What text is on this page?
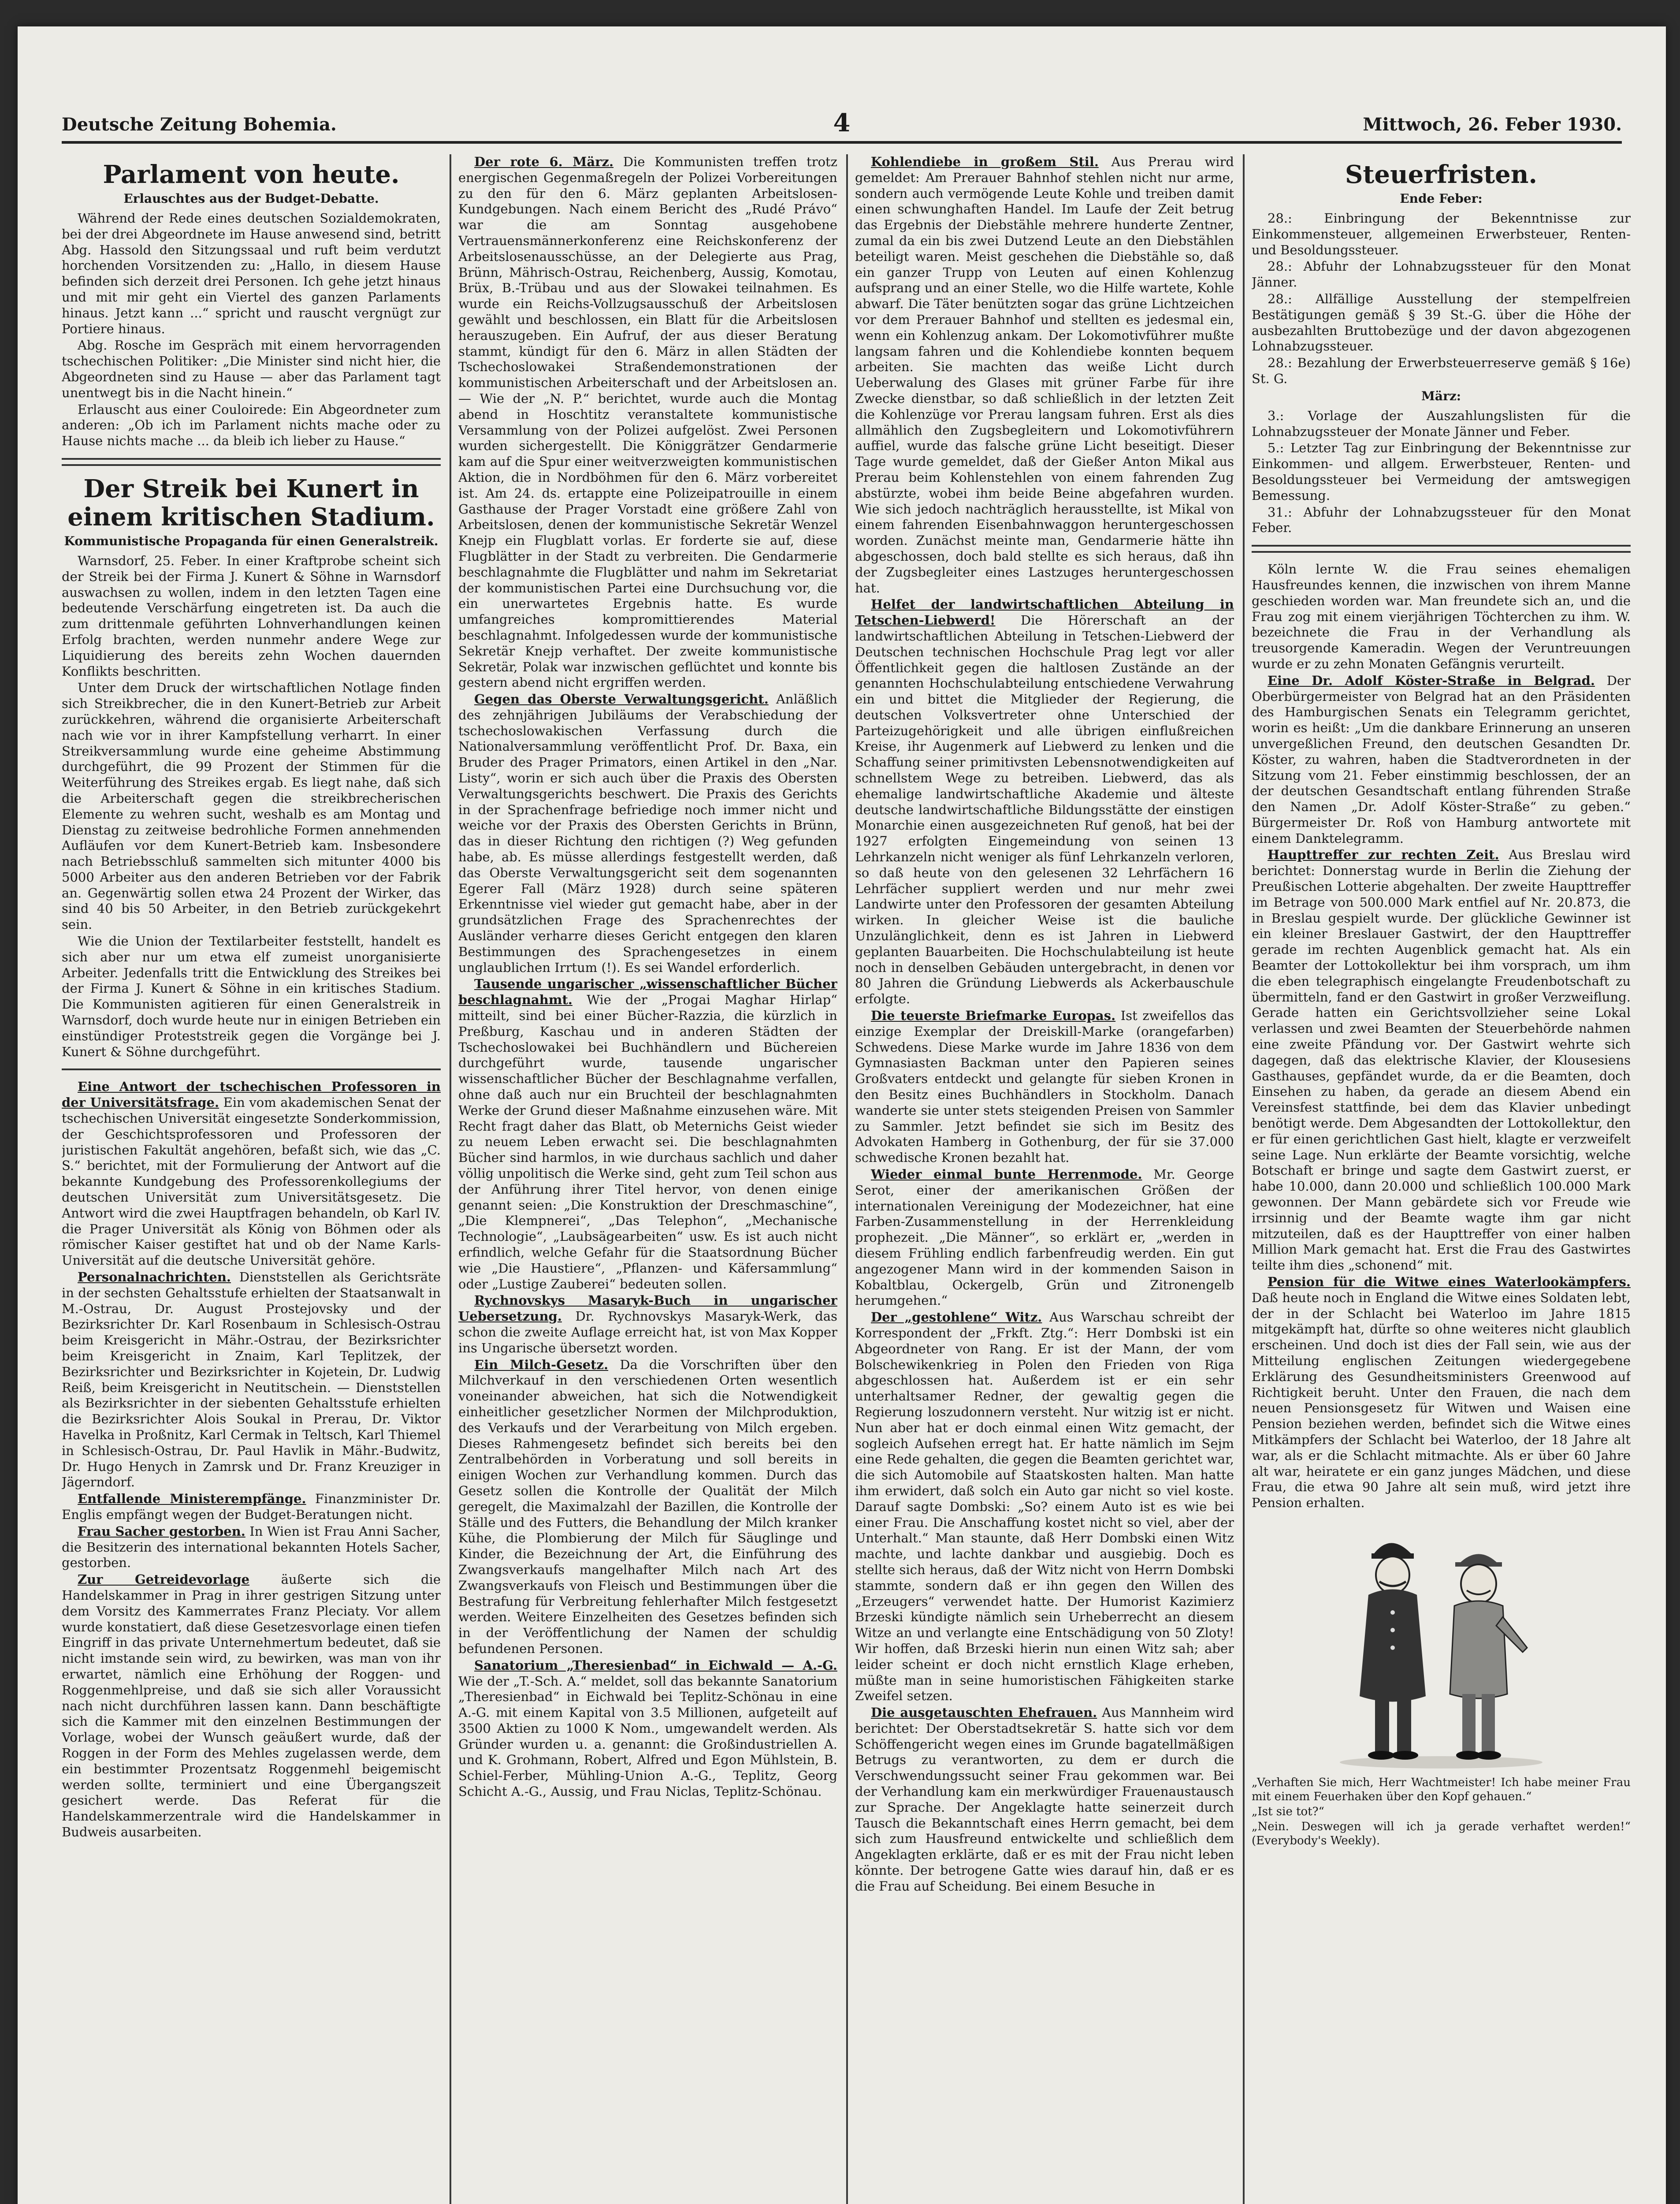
Deutsche Zeitung Bohemia.	4	Mittwoch, 26. Feber 1930.
Parlament von heute.
Erlauschtes aus der Budget-Debatte.

Während der Rede eines deutschen Sozialdemokraten, bei der drei Abgeordnete im Hause anwesend sind, betritt Abg. Hassold den Sitzungssaal und ruft beim verdutzt horchenden Vorsitzenden zu: „Hallo, in diesem Hause befinden sich derzeit drei Personen. Ich gehe jetzt hinaus und mit mir geht ein Viertel des ganzen Parlaments hinaus. Jetzt kann ...“ spricht und rauscht vergnügt zur Portiere hinaus.

Abg. Rosche im Gespräch mit einem hervorragenden tschechischen Politiker: „Die Minister sind nicht hier, die Abgeordneten sind zu Hause — aber das Parlament tagt unentwegt bis in die Nacht hinein.“

Erlauscht aus einer Couloirede: Ein Abgeordneter zum anderen: „Ob ich im Parlament nichts mache oder zu Hause nichts mache ... da bleib ich lieber zu Hause.“

Der Streik bei Kunert in einem kritischen Stadium.
Kommunistische Propaganda für einen Generalstreik.

Warnsdorf, 25. Feber. In einer Kraftprobe scheint sich der Streik bei der Firma J. Kunert & Söhne in Warnsdorf auswachsen zu wollen, indem in den letzten Tagen eine bedeutende Verschärfung eingetreten ist. Da auch die zum drittenmale geführten Lohnverhandlungen keinen Erfolg brachten, werden nunmehr andere Wege zur Liquidierung des bereits zehn Wochen dauernden Konflikts beschritten.

Unter dem Druck der wirtschaftlichen Notlage finden sich Streikbrecher, die in den Kunert-Betrieb zur Arbeit zurückkehren, während die organisierte Arbeiterschaft nach wie vor in ihrer Kampfstellung verharrt. In einer Streikversammlung wurde eine geheime Abstimmung durchgeführt, die 99 Prozent der Stimmen für die Weiterführung des Streikes ergab. Es liegt nahe, daß sich die Arbeiterschaft gegen die streikbrecherischen Elemente zu wehren sucht, weshalb es am Montag und Dienstag zu zeitweise bedrohliche Formen annehmenden Aufläufen vor dem Kunert-Betrieb kam. Insbesondere nach Betriebsschluß sammelten sich mitunter 4000 bis 5000 Arbeiter aus den anderen Betrieben vor der Fabrik an. Gegenwärtig sollen etwa 24 Prozent der Wirker, das sind 40 bis 50 Arbeiter, in den Betrieb zurückgekehrt sein.

Wie die Union der Textilarbeiter feststellt, handelt es sich aber nur um etwa elf zumeist unorganisierte Arbeiter. Jedenfalls tritt die Entwicklung des Streikes bei der Firma J. Kunert & Söhne in ein kritisches Stadium. Die Kommunisten agitieren für einen Generalstreik in Warnsdorf, doch wurde heute nur in einigen Betrieben ein einstündiger Proteststreik gegen die Vorgänge bei J. Kunert & Söhne durchgeführt.

Eine Antwort der tschechischen Professoren in der Universitätsfrage. Ein vom akademischen Senat der tschechischen Universität eingesetzte Sonderkommission, der Geschichtsprofessoren und Professoren der juristischen Fakultät angehören, befaßt sich, wie das „C. S.“ berichtet, mit der Formulierung der Antwort auf die bekannte Kundgebung des Professorenkollegiums der deutschen Universität zum Universitätsgesetz. Die Antwort wird die zwei Hauptfragen behandeln, ob Karl IV. die Prager Universität als König von Böhmen oder als römischer Kaiser gestiftet hat und ob der Name Karls-Universität auf die deutsche Universität gehöre.

Personalnachrichten. Dienststellen als Gerichtsräte in der sechsten Gehaltsstufe erhielten der Staatsanwalt in M.-Ostrau, Dr. August Prostejovsky und der Bezirksrichter Dr. Karl Rosenbaum in Schlesisch-Ostrau beim Kreisgericht in Mähr.-Ostrau, der Bezirksrichter beim Kreisgericht in Znaim, Karl Teplitzek, der Bezirksrichter und Bezirksrichter in Kojetein, Dr. Ludwig Reiß, beim Kreisgericht in Neutitschein. — Dienststellen als Bezirksrichter in der siebenten Gehaltsstufe erhielten die Bezirksrichter Alois Soukal in Prerau, Dr. Viktor Havelka in Proßnitz, Karl Cermak in Teltsch, Karl Thiemel in Schlesisch-Ostrau, Dr. Paul Havlik in Mähr.-Budwitz, Dr. Hugo Henych in Zamrsk und Dr. Franz Kreuziger in Jägerndorf.

Entfallende Ministerempfänge. Finanzminister Dr. Englis empfängt wegen der Budget-Beratungen nicht.

Frau Sacher gestorben. In Wien ist Frau Anni Sacher, die Besitzerin des international bekannten Hotels Sacher, gestorben.

Zur Getreidevorlage äußerte sich die Handelskammer in Prag in ihrer gestrigen Sitzung unter dem Vorsitz des Kammerrates Franz Pleciaty. Vor allem wurde konstatiert, daß diese Gesetzesvorlage einen tiefen Eingriff in das private Unternehmertum bedeutet, daß sie nicht imstande sein wird, zu bewirken, was man von ihr erwartet, nämlich eine Erhöhung der Roggen- und Roggenmehlpreise, und daß sie sich aller Voraussicht nach nicht durchführen lassen kann. Dann beschäftigte sich die Kammer mit den einzelnen Bestimmungen der Vorlage, wobei der Wunsch geäußert wurde, daß der Roggen in der Form des Mehles zugelassen werde, dem ein bestimmter Prozentsatz Roggenmehl beigemischt werden sollte, terminiert und eine Übergangszeit gesichert werde. Das Referat für die Handelskammerzentrale wird die Handelskammer in Budweis ausarbeiten.

Der rote 6. März. Die Kommunisten treffen trotz energischen Gegenmaßregeln der Polizei Vorbereitungen zu den für den 6. März geplanten Arbeitslosen-Kundgebungen. Nach einem Bericht des „Rudé Právo“ war die am Sonntag ausgehobene Vertrauensmännerkonferenz eine Reichskonferenz der Arbeitslosenausschüsse, an der Delegierte aus Prag, Brünn, Mährisch-Ostrau, Reichenberg, Aussig, Komotau, Brüx, B.-Trübau und aus der Slowakei teilnahmen. Es wurde ein Reichs-Vollzugsausschuß der Arbeitslosen gewählt und beschlossen, ein Blatt für die Arbeitslosen herauszugeben. Ein Aufruf, der aus dieser Beratung stammt, kündigt für den 6. März in allen Städten der Tschechoslowakei Straßendemonstrationen der kommunistischen Arbeiterschaft und der Arbeitslosen an. — Wie der „N. P.“ berichtet, wurde auch die Montag abend in Hoschtitz veranstaltete kommunistische Versammlung von der Polizei aufgelöst. Zwei Personen wurden sichergestellt. Die Königgrätzer Gendarmerie kam auf die Spur einer weitverzweigten kommunistischen Aktion, die in Nordböhmen für den 6. März vorbereitet ist. Am 24. ds. ertappte eine Polizeipatrouille in einem Gasthause der Prager Vorstadt eine größere Zahl von Arbeitslosen, denen der kommunistische Sekretär Wenzel Knejp ein Flugblatt vorlas. Er forderte sie auf, diese Flugblätter in der Stadt zu verbreiten. Die Gendarmerie beschlagnahmte die Flugblätter und nahm im Sekretariat der kommunistischen Partei eine Durchsuchung vor, die ein unerwartetes Ergebnis hatte. Es wurde umfangreiches kompromittierendes Material beschlagnahmt. Infolgedessen wurde der kommunistische Sekretär Knejp verhaftet. Der zweite kommunistische Sekretär, Polak war inzwischen geflüchtet und konnte bis gestern abend nicht ergriffen werden.

Gegen das Oberste Verwaltungsgericht. Anläßlich des zehnjährigen Jubiläums der Verabschiedung der tschechoslowakischen Verfassung durch die Nationalversammlung veröffentlicht Prof. Dr. Baxa, ein Bruder des Prager Primators, einen Artikel in den „Nar. Listy“, worin er sich auch über die Praxis des Obersten Verwaltungsgerichts beschwert. Die Praxis des Gerichts in der Sprachenfrage befriedige noch immer nicht und weiche vor der Praxis des Obersten Gerichts in Brünn, das in dieser Richtung den richtigen (?) Weg gefunden habe, ab. Es müsse allerdings festgestellt werden, daß das Oberste Verwaltungsgericht seit dem sogenannten Egerer Fall (März 1928) durch seine späteren Erkenntnisse viel wieder gut gemacht habe, aber in der grundsätzlichen Frage des Sprachenrechtes der Ausländer verharre dieses Gericht entgegen den klaren Bestimmungen des Sprachengesetzes in einem unglaublichen Irrtum (!). Es sei Wandel erforderlich.

Tausende ungarischer „wissenschaftlicher Bücher beschlagnahmt. Wie der „Progai Maghar Hirlap“ mitteilt, sind bei einer Bücher-Razzia, die kürzlich in Preßburg, Kaschau und in anderen Städten der Tschechoslowakei bei Buchhändlern und Büchereien durchgeführt wurde, tausende ungarischer wissenschaftlicher Bücher der Beschlagnahme verfallen, ohne daß auch nur ein Bruchteil der beschlagnahmten Werke der Grund dieser Maßnahme einzusehen wäre. Mit Recht fragt daher das Blatt, ob Meternichs Geist wieder zu neuem Leben erwacht sei. Die beschlagnahmten Bücher sind harmlos, in wie durchaus sachlich und daher völlig unpolitisch die Werke sind, geht zum Teil schon aus der Anführung ihrer Titel hervor, von denen einige genannt seien: „Die Konstruktion der Dreschmaschine“, „Die Klempnerei“, „Das Telephon“, „Mechanische Technologie“, „Laubsägearbeiten“ usw. Es ist auch nicht erfindlich, welche Gefahr für die Staatsordnung Bücher wie „Die Haustiere“, „Pflanzen- und Käfersammlung“ oder „Lustige Zauberei“ bedeuten sollen.

Rychnovskys Masaryk-Buch in ungarischer Uebersetzung. Dr. Rychnovskys Masaryk-Werk, das schon die zweite Auflage erreicht hat, ist von Max Kopper ins Ungarische übersetzt worden.

Ein Milch-Gesetz. Da die Vorschriften über den Milchverkauf in den verschiedenen Orten wesentlich voneinander abweichen, hat sich die Notwendigkeit einheitlicher gesetzlicher Normen der Milchproduktion, des Verkaufs und der Verarbeitung von Milch ergeben. Dieses Rahmengesetz befindet sich bereits bei den Zentralbehörden in Vorberatung und soll bereits in einigen Wochen zur Verhandlung kommen. Durch das Gesetz sollen die Kontrolle der Qualität der Milch geregelt, die Maximalzahl der Bazillen, die Kontrolle der Ställe und des Futters, die Behandlung der Milch kranker Kühe, die Plombierung der Milch für Säuglinge und Kinder, die Bezeichnung der Art, die Einführung des Zwangsverkaufs mangelhafter Milch nach Art des Zwangsverkaufs von Fleisch und Bestimmungen über die Bestrafung für Verbreitung fehlerhafter Milch festgesetzt werden. Weitere Einzelheiten des Gesetzes befinden sich in der Veröffentlichung der Namen der schuldig befundenen Personen.

Sanatorium „Theresienbad“ in Eichwald — A.-G. Wie der „T.-Sch. A.“ meldet, soll das bekannte Sanatorium „Theresienbad“ in Eichwald bei Teplitz-Schönau in eine A.-G. mit einem Kapital von 3.5 Millionen, aufgeteilt auf 3500 Aktien zu 1000 K Nom., umgewandelt werden. Als Gründer wurden u. a. genannt: die Großindustriellen A. und K. Grohmann, Robert, Alfred und Egon Mühlstein, B. Schiel-Ferber, Mühling-Union A.-G., Teplitz, Georg Schicht A.-G., Aussig, und Frau Niclas, Teplitz-Schönau.

Kohlendiebe in großem Stil. Aus Prerau wird gemeldet: Am Prerauer Bahnhof stehlen nicht nur arme, sondern auch vermögende Leute Kohle und treiben damit einen schwunghaften Handel. Im Laufe der Zeit betrug das Ergebnis der Diebstähle mehrere hunderte Zentner, zumal da ein bis zwei Dutzend Leute an den Diebstählen beteiligt waren. Meist geschehen die Diebstähle so, daß ein ganzer Trupp von Leuten auf einen Kohlenzug aufsprang und an einer Stelle, wo die Hilfe wartete, Kohle abwarf. Die Täter benützten sogar das grüne Lichtzeichen vor dem Prerauer Bahnhof und stellten es jedesmal ein, wenn ein Kohlenzug ankam. Der Lokomotivführer mußte langsam fahren und die Kohlendiebe konnten bequem arbeiten. Sie machten das weiße Licht durch Ueberwalung des Glases mit grüner Farbe für ihre Zwecke dienstbar, so daß schließlich in der letzten Zeit die Kohlenzüge vor Prerau langsam fuhren. Erst als dies allmählich den Zugsbegleitern und Lokomotivführern auffiel, wurde das falsche grüne Licht beseitigt. Dieser Tage wurde gemeldet, daß der Gießer Anton Mikal aus Prerau beim Kohlenstehlen von einem fahrenden Zug abstürzte, wobei ihm beide Beine abgefahren wurden. Wie sich jedoch nachträglich herausstellte, ist Mikal von einem fahrenden Eisenbahnwaggon heruntergeschossen worden. Zunächst meinte man, Gendarmerie hätte ihn abgeschossen, doch bald stellte es sich heraus, daß ihn der Zugsbegleiter eines Lastzuges heruntergeschossen hat.

Helfet der landwirtschaftlichen Abteilung in Tetschen-Liebwerd! Die Hörerschaft an der landwirtschaftlichen Abteilung in Tetschen-Liebwerd der Deutschen technischen Hochschule Prag legt vor aller Öffentlichkeit gegen die haltlosen Zustände an der genannten Hochschulabteilung entschiedene Verwahrung ein und bittet die Mitglieder der Regierung, die deutschen Volksvertreter ohne Unterschied der Parteizugehörigkeit und alle übrigen einflußreichen Kreise, ihr Augenmerk auf Liebwerd zu lenken und die Schaffung seiner primitivsten Lebensnotwendigkeiten auf schnellstem Wege zu betreiben. Liebwerd, das als ehemalige landwirtschaftliche Akademie und älteste deutsche landwirtschaftliche Bildungsstätte der einstigen Monarchie einen ausgezeichneten Ruf genoß, hat bei der 1927 erfolgten Eingemeindung von seinen 13 Lehrkanzeln nicht weniger als fünf Lehrkanzeln verloren, so daß heute von den gelesenen 32 Lehrfächern 16 Lehrfächer suppliert werden und nur mehr zwei Landwirte unter den Professoren der gesamten Abteilung wirken. In gleicher Weise ist die bauliche Unzulänglichkeit, denn es ist Jahren in Liebwerd geplanten Bauarbeiten. Die Hochschulabteilung ist heute noch in denselben Gebäuden untergebracht, in denen vor 80 Jahren die Gründung Liebwerds als Ackerbauschule erfolgte.

Die teuerste Briefmarke Europas. Ist zweifellos das einzige Exemplar der Dreiskill-Marke (orangefarben) Schwedens. Diese Marke wurde im Jahre 1836 von dem Gymnasiasten Backman unter den Papieren seines Großvaters entdeckt und gelangte für sieben Kronen in den Besitz eines Buchhändlers in Stockholm. Danach wanderte sie unter stets steigenden Preisen von Sammler zu Sammler. Jetzt befindet sie sich im Besitz des Advokaten Hamberg in Gothenburg, der für sie 37.000 schwedische Kronen bezahlt hat.

Wieder einmal bunte Herrenmode. Mr. George Serot, einer der amerikanischen Größen der internationalen Vereinigung der Modezeichner, hat eine Farben-Zusammenstellung in der Herrenkleidung prophezeit. „Die Männer“, so erklärt er, „werden in diesem Frühling endlich farbenfreudig werden. Ein gut angezogener Mann wird in der kommenden Saison in Kobaltblau, Ockergelb, Grün und Zitronengelb herumgehen.“

Der „gestohlene“ Witz. Aus Warschau schreibt der Korrespondent der „Frkft. Ztg.“: Herr Dombski ist ein Abgeordneter von Rang. Er ist der Mann, der vom Bolschewikenkrieg in Polen den Frieden von Riga abgeschlossen hat. Außerdem ist er ein sehr unterhaltsamer Redner, der gewaltig gegen die Regierung loszudonnern versteht. Nur witzig ist er nicht. Nun aber hat er doch einmal einen Witz gemacht, der sogleich Aufsehen erregt hat. Er hatte nämlich im Sejm eine Rede gehalten, die gegen die Beamten gerichtet war, die sich Automobile auf Staatskosten halten. Man hatte ihm erwidert, daß solch ein Auto gar nicht so viel koste. Darauf sagte Dombski: „So? einem Auto ist es wie bei einer Frau. Die Anschaffung kostet nicht so viel, aber der Unterhalt.“ Man staunte, daß Herr Dombski einen Witz machte, und lachte dankbar und ausgiebig. Doch es stellte sich heraus, daß der Witz nicht von Herrn Dombski stammte, sondern daß er ihn gegen den Willen des „Erzeugers“ verwendet hatte. Der Humorist Kazimierz Brzeski kündigte nämlich sein Urheberrecht an diesem Witze an und verlangte eine Entschädigung von 50 Zloty! Wir hoffen, daß Brzeski hierin nun einen Witz sah; aber leider scheint er doch nicht ernstlich Klage erheben, müßte man in seine humoristischen Fähigkeiten starke Zweifel setzen.

Die ausgetauschten Ehefrauen. Aus Mannheim wird berichtet: Der Oberstadtsekretär S. hatte sich vor dem Schöffengericht wegen eines im Grunde bagatellmäßigen Betrugs zu verantworten, zu dem er durch die Verschwendungssucht seiner Frau gekommen war. Bei der Verhandlung kam ein merkwürdiger Frauenaustausch zur Sprache. Der Angeklagte hatte seinerzeit durch Tausch die Bekanntschaft eines Herrn gemacht, bei dem sich zum Hausfreund entwickelte und schließlich dem Angeklagten erklärte, daß er es mit der Frau nicht leben könnte. Der betrogene Gatte wies darauf hin, daß er es die Frau auf Scheidung. Bei einem Besuche in

Steuerfristen.
Ende Feber:

28.: Einbringung der Bekenntnisse zur Einkommensteuer, allgemeinen Erwerbsteuer, Renten- und Besoldungssteuer.

28.: Abfuhr der Lohnabzugssteuer für den Monat Jänner.

28.: Allfällige Ausstellung der stempelfreien Bestätigungen gemäß § 39 St.-G. über die Höhe der ausbezahlten Bruttobezüge und der davon abgezogenen Lohnabzugssteuer.

28.: Bezahlung der Erwerbsteuerreserve gemäß § 16e) St. G.

März:

3.: Vorlage der Auszahlungslisten für die Lohnabzugssteuer der Monate Jänner und Feber.

5.: Letzter Tag zur Einbringung der Bekenntnisse zur Einkommen- und allgem. Erwerbsteuer, Renten- und Besoldungssteuer bei Vermeidung der amtswegigen Bemessung.

31.: Abfuhr der Lohnabzugssteuer für den Monat Feber.

Köln lernte W. die Frau seines ehemaligen Hausfreundes kennen, die inzwischen von ihrem Manne geschieden worden war. Man freundete sich an, und die Frau zog mit einem vierjährigen Töchterchen zu ihm. W. bezeichnete die Frau in der Verhandlung als treusorgende Kameradin. Wegen der Veruntreuungen wurde er zu zehn Monaten Gefängnis verurteilt.

Eine Dr. Adolf Köster-Straße in Belgrad. Der Oberbürgermeister von Belgrad hat an den Präsidenten des Hamburgischen Senats ein Telegramm gerichtet, worin es heißt: „Um die dankbare Erinnerung an unseren unvergeßlichen Freund, den deutschen Gesandten Dr. Köster, zu wahren, haben die Stadtverordneten in der Sitzung vom 21. Feber einstimmig beschlossen, der an der deutschen Gesandtschaft entlang führenden Straße den Namen „Dr. Adolf Köster-Straße“ zu geben.“ Bürgermeister Dr. Roß von Hamburg antwortete mit einem Danktelegramm.

Haupttreffer zur rechten Zeit. Aus Breslau wird berichtet: Donnerstag wurde in Berlin die Ziehung der Preußischen Lotterie abgehalten. Der zweite Haupttreffer im Betrage von 500.000 Mark entfiel auf Nr. 20.873, die in Breslau gespielt wurde. Der glückliche Gewinner ist ein kleiner Breslauer Gastwirt, der den Haupttreffer gerade im rechten Augenblick gemacht hat. Als ein Beamter der Lottokollektur bei ihm vorsprach, um ihm die eben telegraphisch eingelangte Freudenbotschaft zu übermitteln, fand er den Gastwirt in großer Verzweiflung. Gerade hatten ein Gerichtsvollzieher seine Lokal verlassen und zwei Beamten der Steuerbehörde nahmen eine zweite Pfändung vor. Der Gastwirt wehrte sich dagegen, daß das elektrische Klavier, der Klousesiens Gasthauses, gepfändet wurde, da er die Beamten, doch Einsehen zu haben, da gerade an diesem Abend ein Vereinsfest stattfinde, bei dem das Klavier unbedingt benötigt werde. Dem Abgesandten der Lottokollektur, den er für einen gerichtlichen Gast hielt, klagte er verzweifelt seine Lage. Nun erklärte der Beamte vorsichtig, welche Botschaft er bringe und sagte dem Gastwirt zuerst, er habe 10.000, dann 20.000 und schließlich 100.000 Mark gewonnen. Der Mann gebärdete sich vor Freude wie irrsinnig und der Beamte wagte ihm gar nicht mitzuteilen, daß es der Haupttreffer von einer halben Million Mark gemacht hat. Erst die Frau des Gastwirtes teilte ihm dies „schonend“ mit.

Pension für die Witwe eines Waterlookämpfers. Daß heute noch in England die Witwe eines Soldaten lebt, der in der Schlacht bei Waterloo im Jahre 1815 mitgekämpft hat, dürfte so ohne weiteres nicht glaublich erscheinen. Und doch ist dies der Fall sein, wie aus der Mitteilung englischen Zeitungen wiedergegebene Erklärung des Gesundheitsministers Greenwood auf Richtigkeit beruht. Unter den Frauen, die nach dem neuen Pensionsgesetz für Witwen und Waisen eine Pension beziehen werden, befindet sich die Witwe eines Mitkämpfers der Schlacht bei Waterloo, der 18 Jahre alt war, als er die Schlacht mitmachte. Als er über 60 Jahre alt war, heiratete er ein ganz junges Mädchen, und diese Frau, die etwa 90 Jahre alt sein muß, wird jetzt ihre Pension erhalten.

„Verhaften Sie mich, Herr Wachtmeister! Ich habe meiner Frau mit einem Feuerhaken über den Kopf gehauen.“

„Ist sie tot?“

„Nein. Deswegen will ich ja gerade verhaftet werden!“ (Everybody's Weekly).
